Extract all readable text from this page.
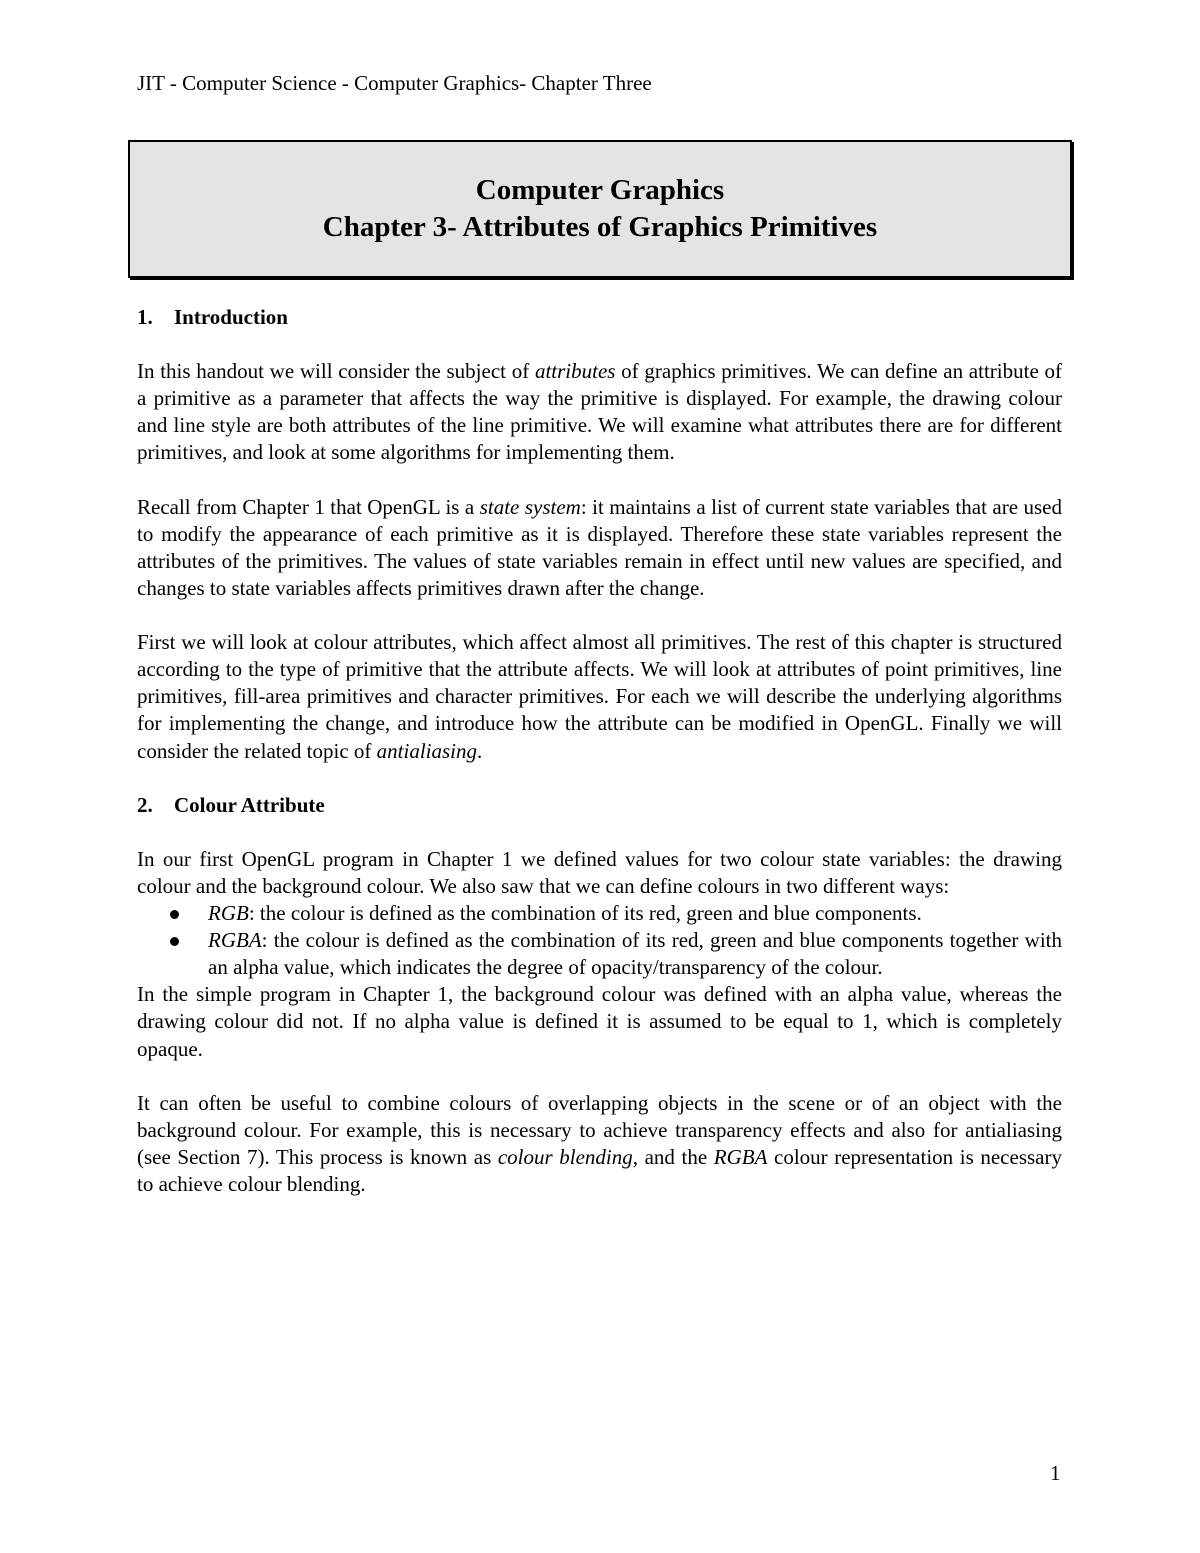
JIT - Computer Science - Computer Graphics- Chapter Three
Computer Graphics
Chapter 3- Attributes of Graphics Primitives
1. Introduction

In this handout we will consider the subject of attributes of graphics primitives. We can define an attribute of a primitive as a parameter that affects the way the primitive is displayed. For example, the drawing colour and line style are both attributes of the line primitive. We will examine what attributes there are for different primitives, and look at some algorithms for implementing them.

Recall from Chapter 1 that OpenGL is a state system: it maintains a list of current state variables that are used to modify the appearance of each primitive as it is displayed. Therefore these state variables represent the attributes of the primitives. The values of state variables remain in effect until new values are specified, and changes to state variables affects primitives drawn after the change.

First we will look at colour attributes, which affect almost all primitives. The rest of this chapter is structured according to the type of primitive that the attribute affects. We will look at attributes of point primitives, line primitives, fill-area primitives and character primitives. For each we will describe the underlying algorithms for implementing the change, and introduce how the attribute can be modified in OpenGL. Finally we will consider the related topic of antialiasing.

2. Colour Attribute

In our first OpenGL program in Chapter 1 we defined values for two colour state variables: the drawing colour and the background colour. We also saw that we can define colours in two different ways:

RGB: the colour is defined as the combination of its red, green and blue components.
RGBA: the colour is defined as the combination of its red, green and blue components together with an alpha value, which indicates the degree of opacity/transparency of the colour.

In the simple program in Chapter 1, the background colour was defined with an alpha value, whereas the drawing colour did not. If no alpha value is defined it is assumed to be equal to 1, which is completely opaque.

It can often be useful to combine colours of overlapping objects in the scene or of an object with the background colour. For example, this is necessary to achieve transparency effects and also for antialiasing (see Section 7). This process is known as colour blending, and the RGBA colour representation is necessary to achieve colour blending.

1
